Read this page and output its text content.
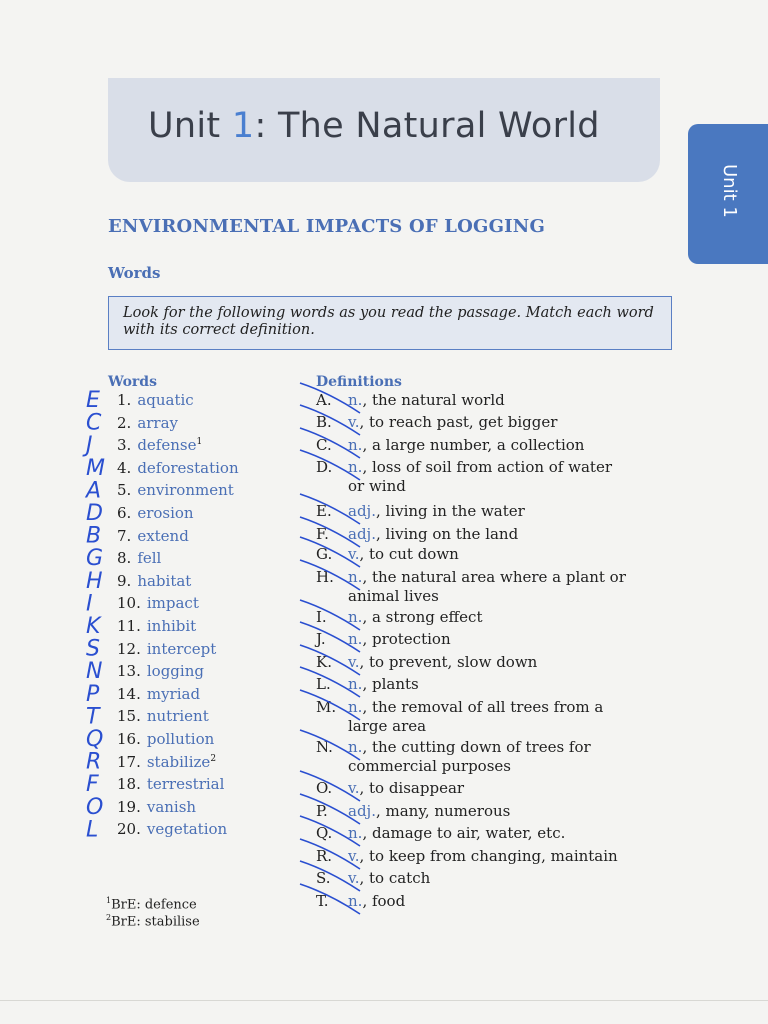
Unit 1: The Natural World
Unit 1
ENVIRONMENTAL IMPACTS OF LOGGING
Words
Look for the following words as you read the passage. Match each word with its correct definition.
Words	Definitions
1. aquatic
2. array
3. defense$^1$
4. deforestation
5. environment
6. erosion
7. extend
8. fell
9. habitat
10. impact
11. inhibit
12. intercept
13. logging
14. myriad
15. nutrient
16. pollution
17. stabilize$^2$
18. terrestrial
19. vanish
20. vegetation
A. n., the natural world
B. v., to reach past, get bigger
C. n., a large number, a collection
D. n., loss of soil from action of water
or wind
E. adj., living in the water
F. adj., living on the land
G. v., to cut down
H. n., the natural area where a plant or
animal lives
I. n., a strong effect
J. n., protection
K. v., to prevent, slow down
L. n., plants
M. n., the removal of all trees from a
large area
N. n., the cutting down of trees for
commercial purposes
O. v., to disappear
P. adj., many, numerous
Q. n., damage to air, water, etc.
R. v., to keep from changing, maintain
S. v., to catch
T. n., food
$^1$BrE: defence
$^2$BrE: stabilise
E
C
J
M
A
D
B
G
H
I
K
S
N
P
T
Q
R
F
O
L
